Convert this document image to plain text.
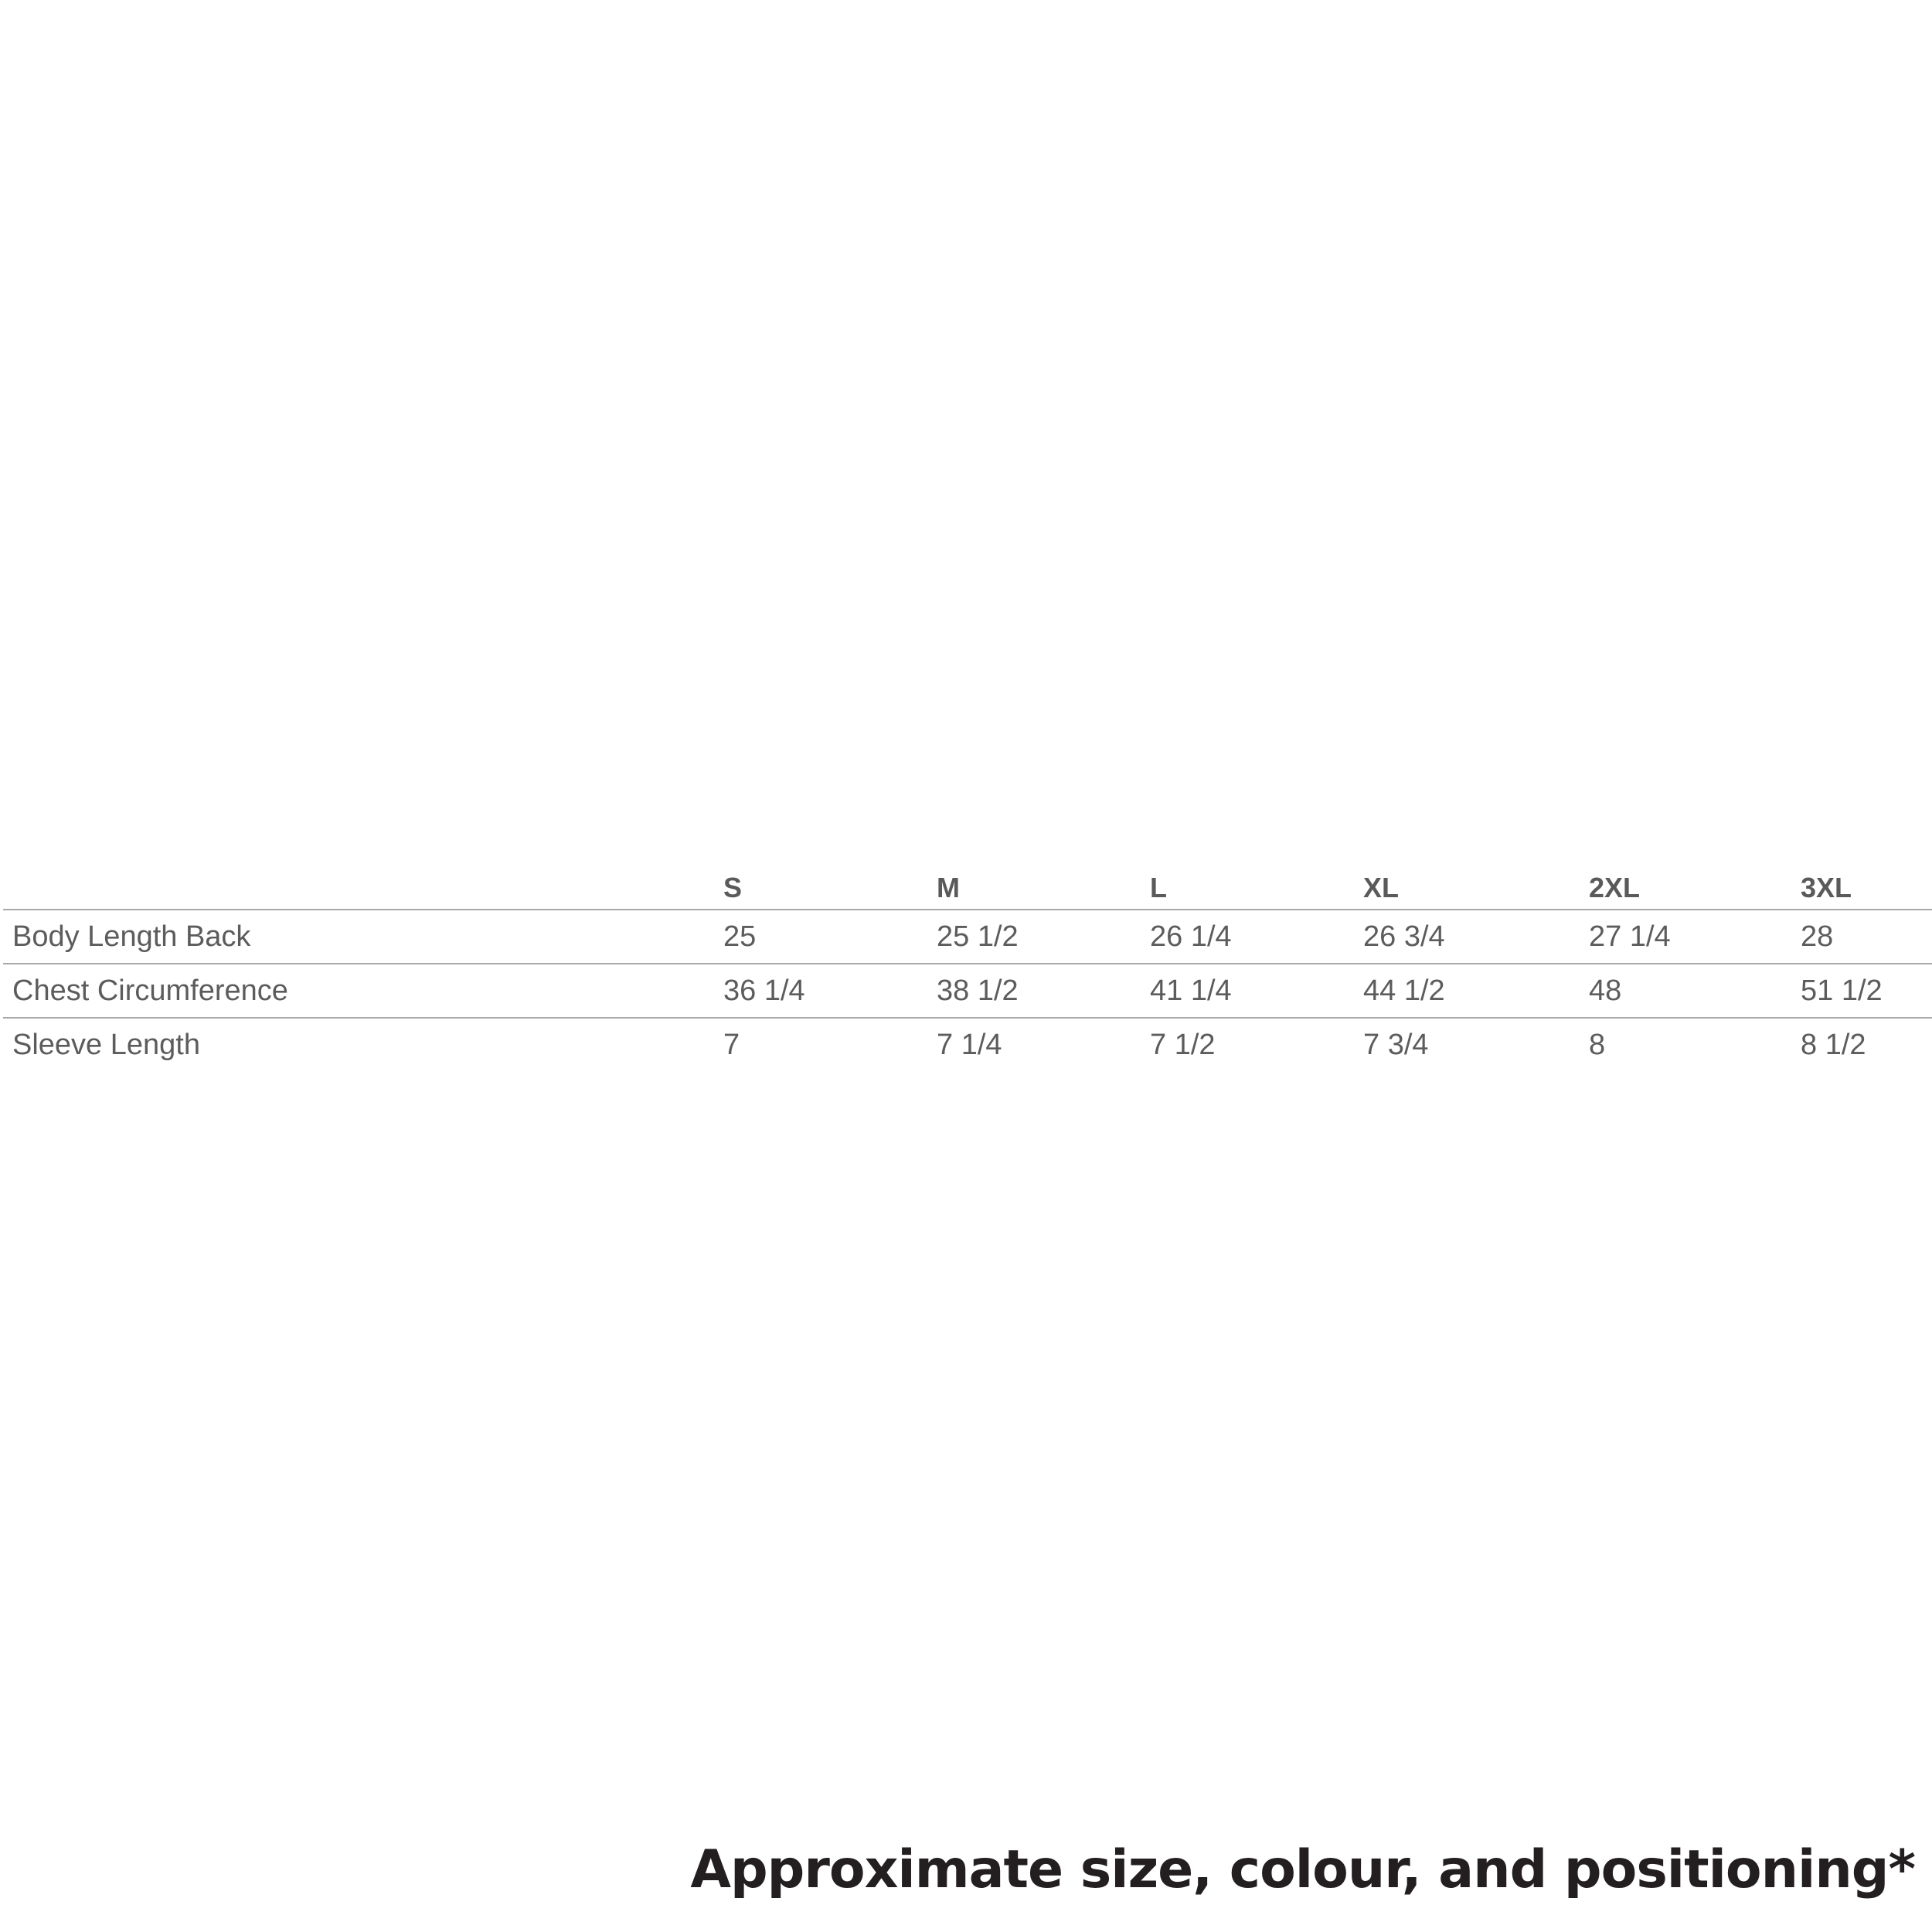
	S	M	L	XL	2XL	3XL
Body Length Back	25	25 1/2	26 1/4	26 3/4	27 1/4	28
Chest Circumference	36 1/4	38 1/2	41 1/4	44 1/2	48	51 1/2
Sleeve Length	7	7 1/4	7 1/2	7 3/4	8	8 1/2
Approximate size, colour, and positioning*
